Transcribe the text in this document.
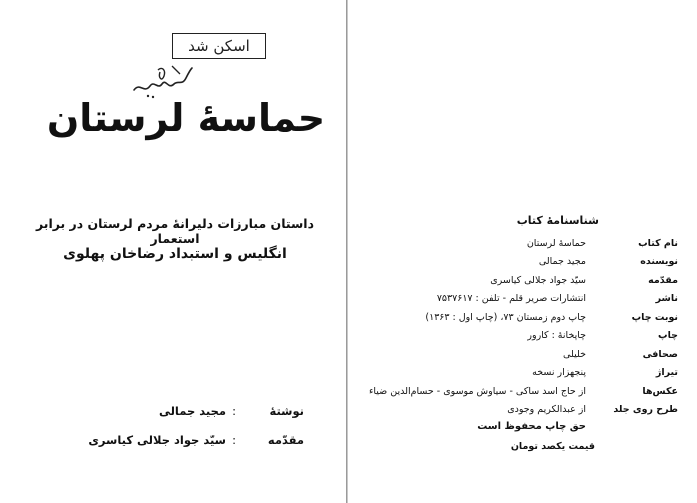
اسکن شد
حماسهٔ لرستان
داستان مبارزات دلیرانهٔ مردم لرستان در برابر استعمار
انگلیس و استبداد رضاخان پهلوی
نوشتهٔ
:
مجید جمالی
مقدّمه
:
سیّد جواد جلالی کیاسری
شناسنامهٔ کتاب
نام کتاب
حماسهٔ لرستان
نویسنده
مجید جمالی
مقدّمه
سیّد جواد جلالی کیاسری
ناشر
انتشارات صریر قلم - تلفن : ۷۵۳۷۶۱۷
نوبت چاپ
چاپ دوم زمستان ۷۳، (چاپ اول : ۱۳۶۳)
چاپ
چاپخانهٔ : کارور
صحافی
خلیلی
تیراژ
پنجهزار نسخه
عکس‌ها
از حاج اسد ساکی - سیاوش موسوی - حسام‌الدین ضیاء
طرح روی جلد
از عبدالکریم وجودی
حق چاپ محفوظ است
قیمت یکصد تومان
